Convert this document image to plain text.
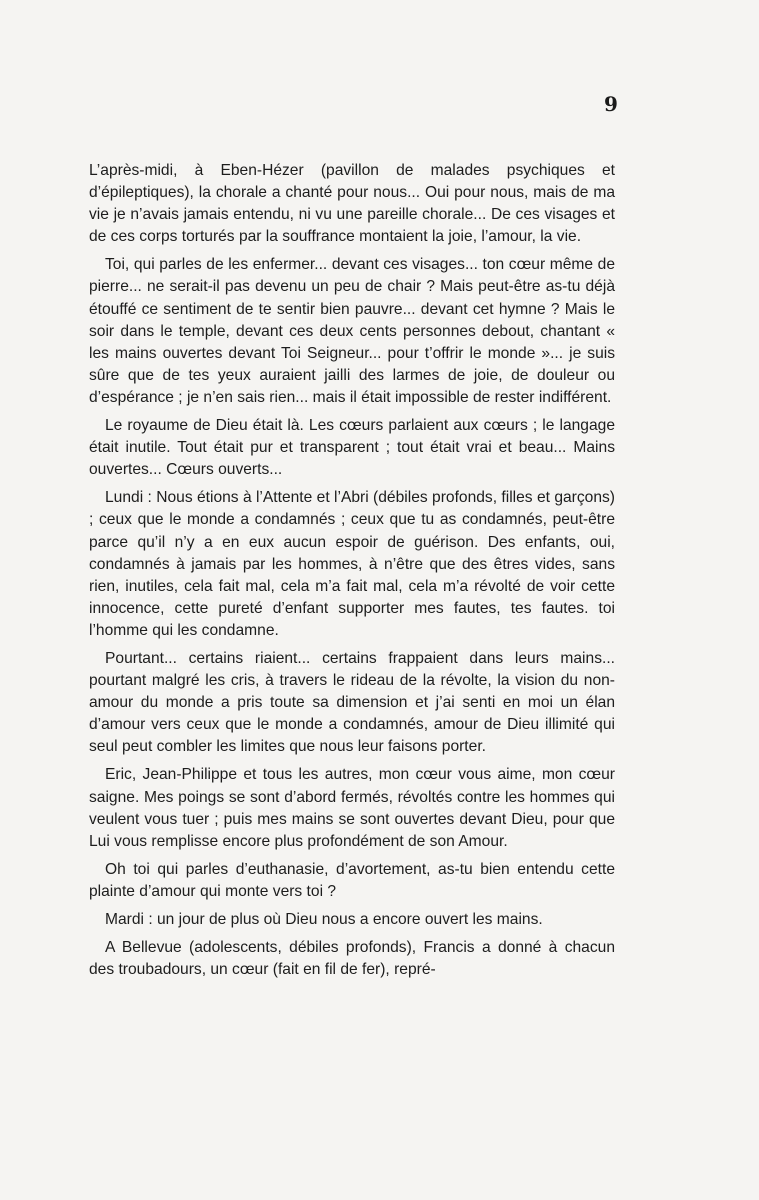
9

L’après-midi, à Eben-Hézer (pavillon de malades psychiques et d’épileptiques), la chorale a chanté pour nous... Oui pour nous, mais de ma vie je n’avais jamais entendu, ni vu une pareille chorale... De ces visages et de ces corps torturés par la souffrance montaient la joie, l’amour, la vie.

Toi, qui parles de les enfermer... devant ces visages... ton cœur même de pierre... ne serait-il pas devenu un peu de chair ? Mais peut-être as-tu déjà étouffé ce sentiment de te sentir bien pauvre... devant cet hymne ? Mais le soir dans le temple, devant ces deux cents personnes debout, chantant « les mains ouvertes devant Toi Seigneur... pour t’offrir le monde »... je suis sûre que de tes yeux auraient jailli des larmes de joie, de douleur ou d’espérance ; je n’en sais rien... mais il était impossible de rester indifférent.

Le royaume de Dieu était là. Les cœurs parlaient aux cœurs ; le langage était inutile. Tout était pur et transparent ; tout était vrai et beau... Mains ouvertes... Cœurs ouverts...

Lundi : Nous étions à l’Attente et l’Abri (débiles profonds, filles et garçons) ; ceux que le monde a condamnés ; ceux que tu as condamnés, peut-être parce qu’il n’y a en eux aucun espoir de guérison. Des enfants, oui, condamnés à jamais par les hommes, à n’être que des êtres vides, sans rien, inutiles, cela fait mal, cela m’a fait mal, cela m’a révolté de voir cette innocence, cette pureté d’enfant supporter mes fautes, tes fautes. toi l’homme qui les condamne.

Pourtant... certains riaient... certains frappaient dans leurs mains... pourtant malgré les cris, à travers le rideau de la révolte, la vision du non-amour du monde a pris toute sa dimension et j’ai senti en moi un élan d’amour vers ceux que le monde a condamnés, amour de Dieu illimité qui seul peut combler les limites que nous leur faisons porter.

Eric, Jean-Philippe et tous les autres, mon cœur vous aime, mon cœur saigne. Mes poings se sont d’abord fermés, révoltés contre les hommes qui veulent vous tuer ; puis mes mains se sont ouvertes devant Dieu, pour que Lui vous remplisse encore plus profondément de son Amour.

Oh toi qui parles d’euthanasie, d’avortement, as-tu bien entendu cette plainte d’amour qui monte vers toi ?

Mardi : un jour de plus où Dieu nous a encore ouvert les mains.

A Bellevue (adolescents, débiles profonds), Francis a donné à chacun des troubadours, un cœur (fait en fil de fer), repré-
